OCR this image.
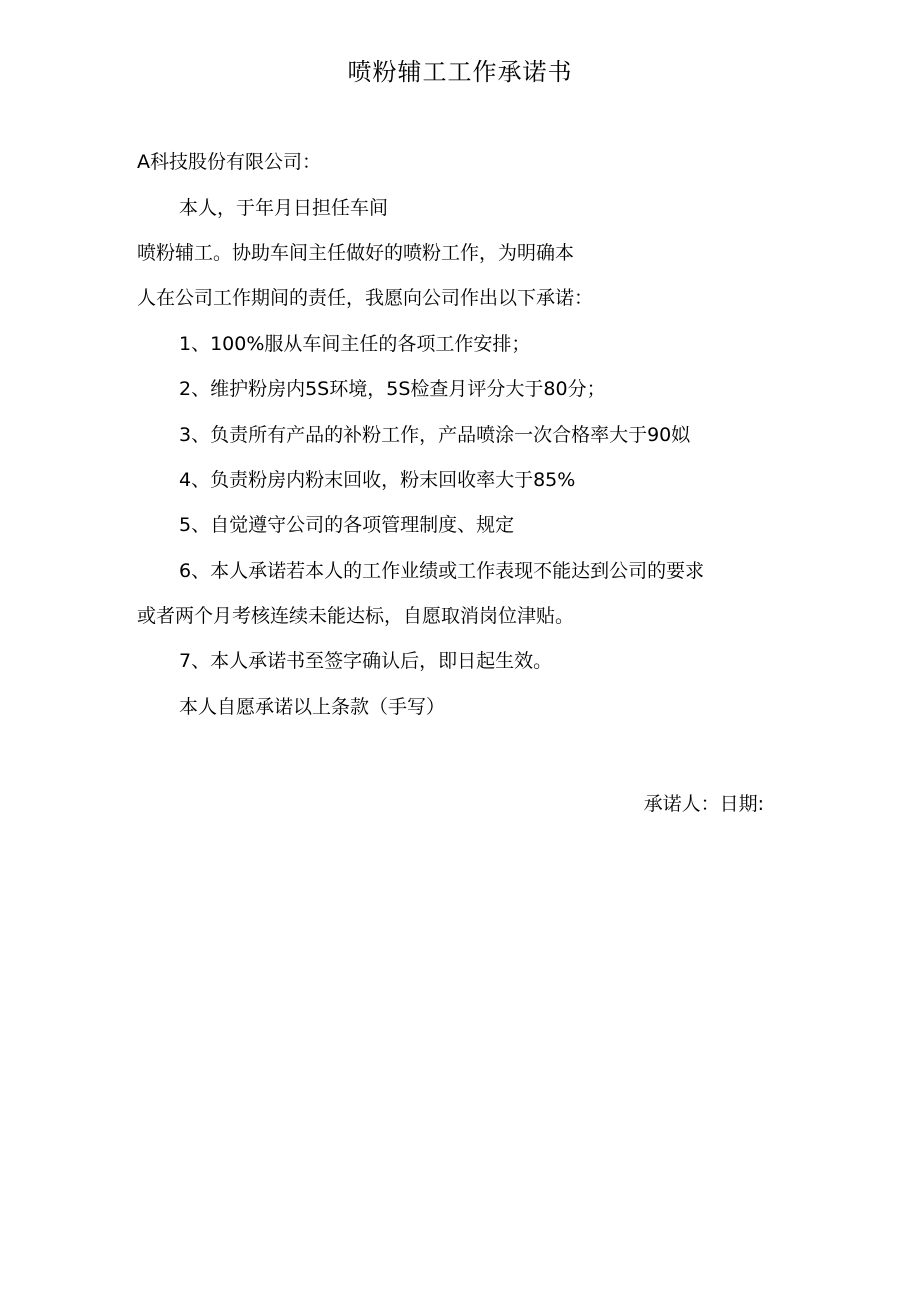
喷粉辅工工作承诺书
A科技股份有限公司：
本人，于年月日担任车间
喷粉辅工。协助车间主任做好的喷粉工作，为明确本
人在公司工作期间的责任，我愿向公司作出以下承诺：
1、100%服从车间主任的各项工作安排；
2、维护粉房内5S环境，5S检查月评分大于80分；
3、负责所有产品的补粉工作，产品喷涂一次合格率大于90姒
4、负责粉房内粉末回收，粉末回收率大于85%
5、自觉遵守公司的各项管理制度、规定
6、本人承诺若本人的工作业绩或工作表现不能达到公司的要求
或者两个月考核连续未能达标，自愿取消岗位津贴。
7、本人承诺书至签字确认后，即日起生效。
本人自愿承诺以上条款（手写）
承诺人：日期:
